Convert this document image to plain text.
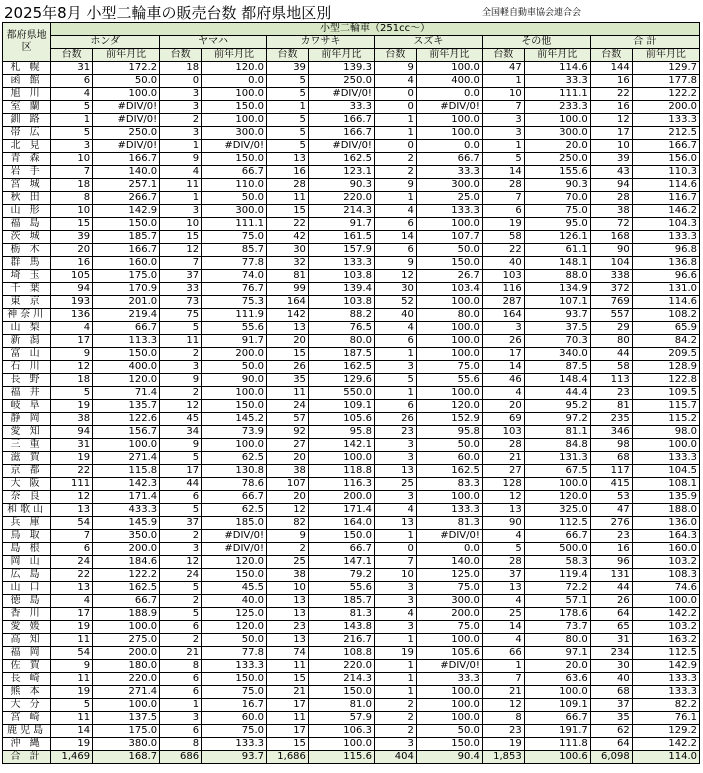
2025年8月 小型二輪車の販売台数 都府県地区別	全国軽自動車協会連合会
都府県地区	小型二輪車（251cc～）											
	ホンダ		ヤマハ		カワサキ		スズキ		その他		合 計	
	台数	前年月比	台数	前年月比	台数	前年月比	台数	前年月比	台数	前年月比	台数	前年月比
札 幌	31	172.2	18	120.0	39	139.3	9	100.0	47	114.6	144	129.7
函 館	6	50.0	0	0.0	5	250.0	4	400.0	1	33.3	16	177.8
旭 川	4	100.0	3	100.0	5	#DIV/0!	0	0.0	10	111.1	22	122.2
室 蘭	5	#DIV/0!	3	150.0	1	33.3	0	#DIV/0!	7	233.3	16	200.0
釧 路	1	#DIV/0!	2	100.0	5	166.7	1	100.0	3	100.0	12	133.3
帯 広	5	250.0	3	300.0	5	166.7	1	100.0	3	300.0	17	212.5
北 見	3	#DIV/0!	1	#DIV/0!	5	#DIV/0!	0	0.0	1	20.0	10	166.7
青 森	10	166.7	9	150.0	13	162.5	2	66.7	5	250.0	39	156.0
岩 手	7	140.0	4	66.7	16	123.1	2	33.3	14	155.6	43	110.3
宮 城	18	257.1	11	110.0	28	90.3	9	300.0	28	90.3	94	114.6
秋 田	8	266.7	1	50.0	11	220.0	1	25.0	7	70.0	28	116.7
山 形	10	142.9	3	300.0	15	214.3	4	133.3	6	75.0	38	146.2
福 島	15	150.0	10	111.1	22	91.7	6	100.0	19	95.0	72	104.3
茨 城	39	185.7	15	75.0	42	161.5	14	107.7	58	126.1	168	133.3
栃 木	20	166.7	12	85.7	30	157.9	6	50.0	22	61.1	90	96.8
群 馬	16	160.0	7	77.8	32	133.3	9	150.0	40	148.1	104	136.8
埼 玉	105	175.0	37	74.0	81	103.8	12	26.7	103	88.0	338	96.6
千 葉	94	170.9	33	76.7	99	139.4	30	103.4	116	134.9	372	131.0
東 京	193	201.0	73	75.3	164	103.8	52	100.0	287	107.1	769	114.6
神奈川	136	219.4	75	111.9	142	88.2	40	80.0	164	93.7	557	108.2
山 梨	4	66.7	5	55.6	13	76.5	4	100.0	3	37.5	29	65.9
新 潟	17	113.3	11	91.7	20	80.0	6	100.0	26	70.3	80	84.2
富 山	9	150.0	2	200.0	15	187.5	1	100.0	17	340.0	44	209.5
石 川	12	400.0	3	50.0	26	162.5	3	75.0	14	87.5	58	128.9
長 野	18	120.0	9	90.0	35	129.6	5	55.6	46	148.4	113	122.8
福 井	5	71.4	2	100.0	11	550.0	1	100.0	4	44.4	23	109.5
岐 阜	19	135.7	12	150.0	24	109.1	6	120.0	20	95.2	81	115.7
静 岡	38	122.6	45	145.2	57	105.6	26	152.9	69	97.2	235	115.2
愛 知	94	156.7	34	73.9	92	95.8	23	95.8	103	81.1	346	98.0
三 重	31	100.0	9	100.0	27	142.1	3	50.0	28	84.8	98	100.0
滋 賀	19	271.4	5	62.5	20	100.0	3	60.0	21	131.3	68	133.3
京 都	22	115.8	17	130.8	38	118.8	13	162.5	27	67.5	117	104.5
大 阪	111	142.3	44	78.6	107	116.3	25	83.3	128	100.0	415	108.1
奈 良	12	171.4	6	66.7	20	200.0	3	100.0	12	120.0	53	135.9
和歌山	13	433.3	5	62.5	12	171.4	4	133.3	13	325.0	47	188.0
兵 庫	54	145.9	37	185.0	82	164.0	13	81.3	90	112.5	276	136.0
鳥 取	7	350.0	2	#DIV/0!	9	150.0	1	#DIV/0!	4	66.7	23	164.3
島 根	6	200.0	3	#DIV/0!	2	66.7	0	0.0	5	500.0	16	160.0
岡 山	24	184.6	12	120.0	25	147.1	7	140.0	28	58.3	96	103.2
広 島	22	122.2	24	150.0	38	79.2	10	125.0	37	119.4	131	108.3
山 口	13	162.5	5	45.5	10	55.6	3	75.0	13	72.2	44	74.6
徳 島	4	66.7	2	40.0	13	185.7	3	300.0	4	57.1	26	100.0
香 川	17	188.9	5	125.0	13	81.3	4	200.0	25	178.6	64	142.2
愛 媛	19	100.0	6	120.0	23	143.8	3	75.0	14	73.7	65	103.2
高 知	11	275.0	2	50.0	13	216.7	1	100.0	4	80.0	31	163.2
福 岡	54	200.0	21	77.8	74	108.8	19	105.6	66	97.1	234	112.5
佐 賀	9	180.0	8	133.3	11	220.0	1	#DIV/0!	1	20.0	30	142.9
長 崎	11	220.0	6	150.0	15	214.3	1	33.3	7	63.6	40	133.3
熊 本	19	271.4	6	75.0	21	150.0	1	100.0	21	100.0	68	133.3
大 分	5	100.0	1	16.7	17	81.0	2	100.0	12	109.1	37	82.2
宮 崎	11	137.5	3	60.0	11	57.9	2	100.0	8	66.7	35	76.1
鹿児島	14	175.0	6	75.0	17	106.3	2	50.0	23	191.7	62	129.2
沖 縄	19	380.0	8	133.3	15	100.0	3	150.0	19	111.8	64	142.2
合 計	1,469	168.7	686	93.7	1,686	115.6	404	90.4	1,853	100.6	6,098	114.0
